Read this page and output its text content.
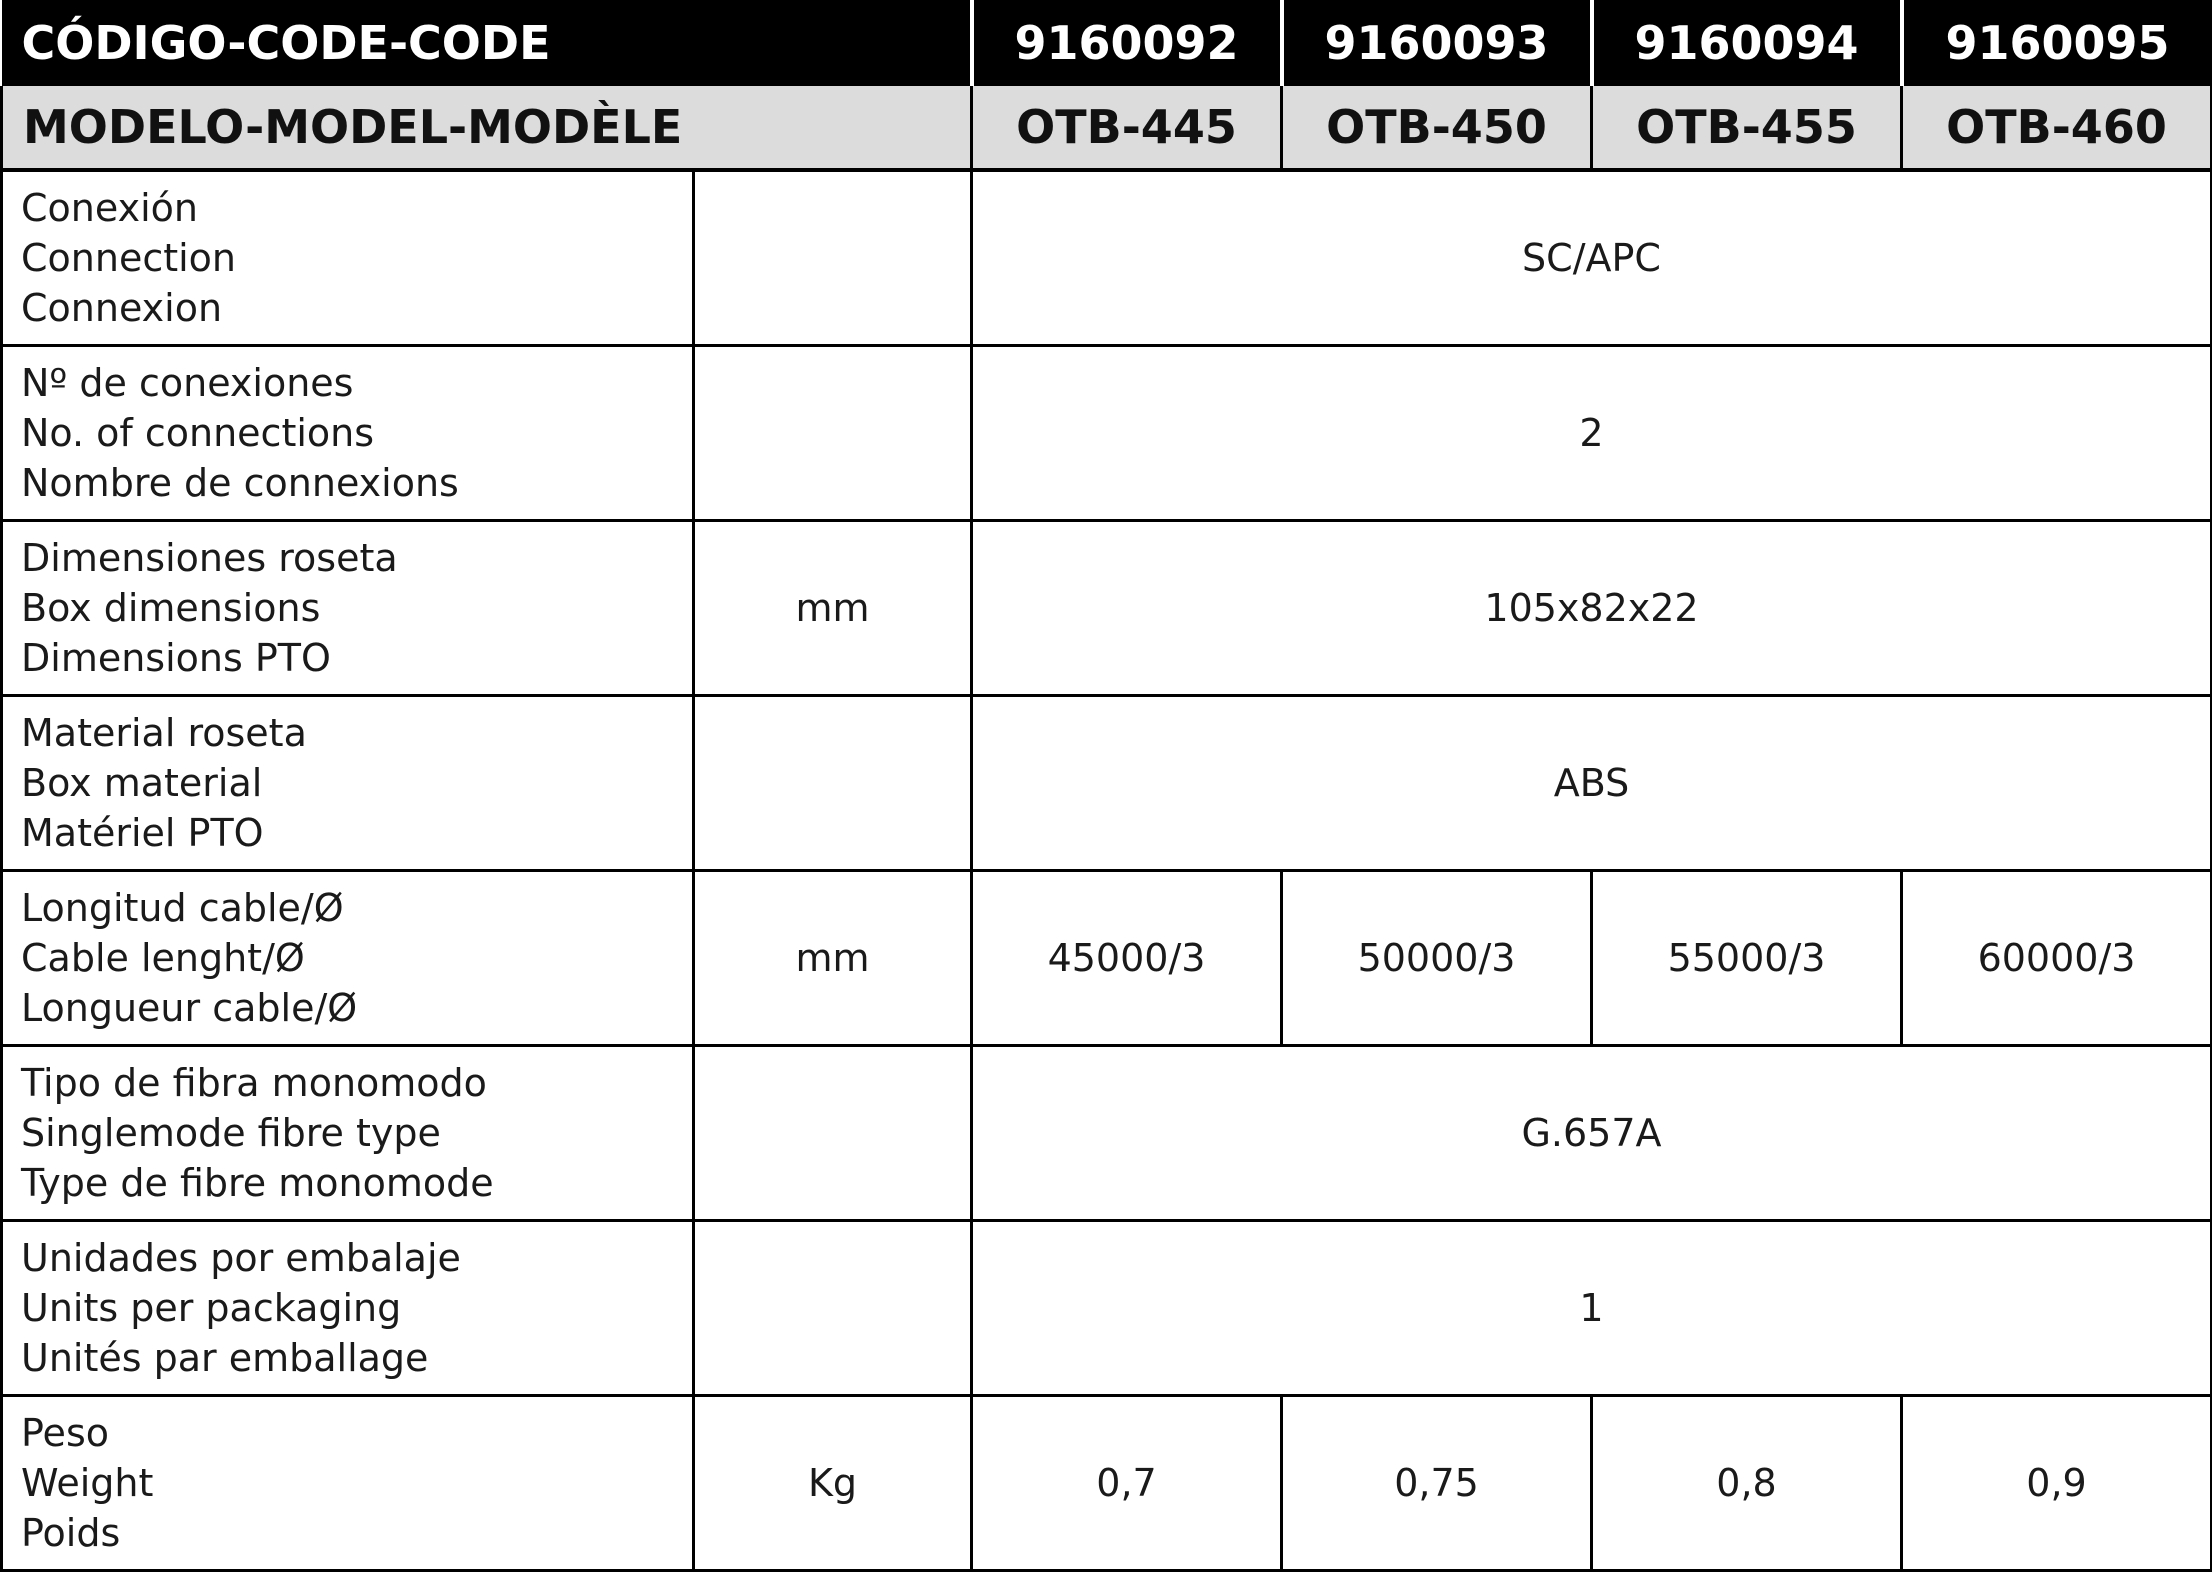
CÓDIGO-CODE-CODE		9160092	9160093	9160094	9160095
MODELO-MODEL-MODÈLE		OTB-445	OTB-450	OTB-455	OTB-460

Conexión
Connection
Connexion		SC/APC			

Nº de conexiones
No. of connections
Nombre de connexions		2			

Dimensiones roseta
Box dimensions
Dimensions PTO	mm	105x82x22			

Material roseta
Box material
Matériel PTO		ABS			

Longitud cable/Ø
Cable lenght/Ø
Longueur cable/Ø	mm	45000/3	50000/3	55000/3	60000/3

Tipo de fibra monomodo
Singlemode fibre type
Type de fibre monomode		G.657A			

Unidades por embalaje
Units per packaging
Unités par emballage		1			

Peso
Weight
Poids	Kg	0,7	0,75	0,8	0,9
